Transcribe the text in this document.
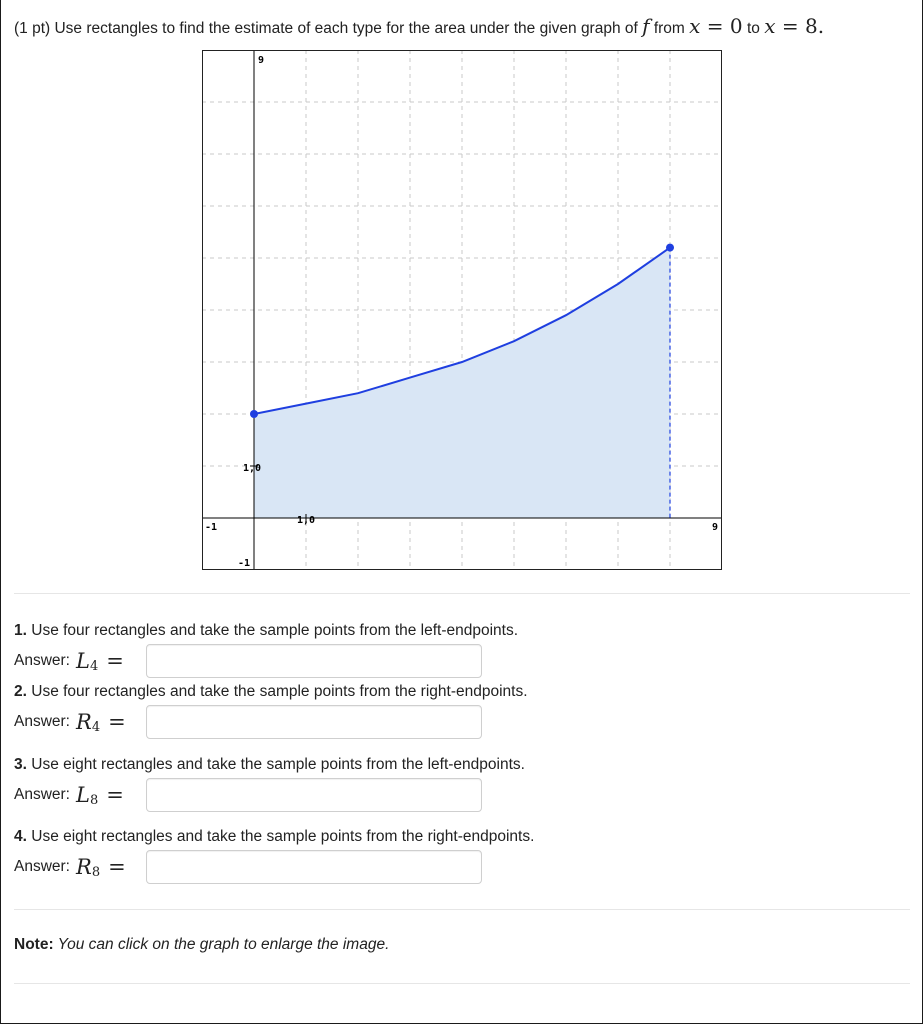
(1 pt) Use rectangles to find the estimate of each type for the area under the given graph of f from x = 0 to x = 8.
9
1,0
1,0
-1	9
-1
1. Use four rectangles and take the sample points from the left-endpoints.
Answer: L 4 =
2. Use four rectangles and take the sample points from the right-endpoints.
Answer: R 4 =
3. Use eight rectangles and take the sample points from the left-endpoints.
Answer: L 8 =
4. Use eight rectangles and take the sample points from the right-endpoints.
Answer: R 8 =
Note: You can click on the graph to enlarge the image.
